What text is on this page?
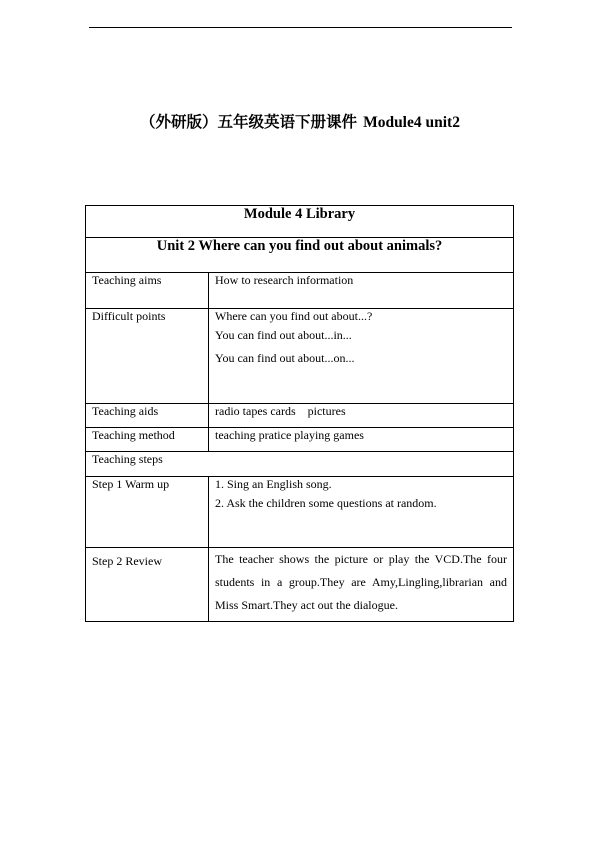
（外研版）五年级英语下册课件 Module4 unit2
Module 4 Library	
Unit 2 Where can you find out about animals?	
Teaching aims	How to research information
Difficult points	Where can you find out about...?
You can find out about...in...
You can find out about...on...

Teaching aids	radio tapes cards    pictures
Teaching method	teaching pratice playing games
Teaching steps	
Step 1 Warm up	1. Sing an English song.
2. Ask the children some questions at random.

Step 2 Review	The teacher shows the picture or play the VCD.The four students in a group.They are Amy,Lingling,librarian and Miss Smart.They act out the dialogue.
